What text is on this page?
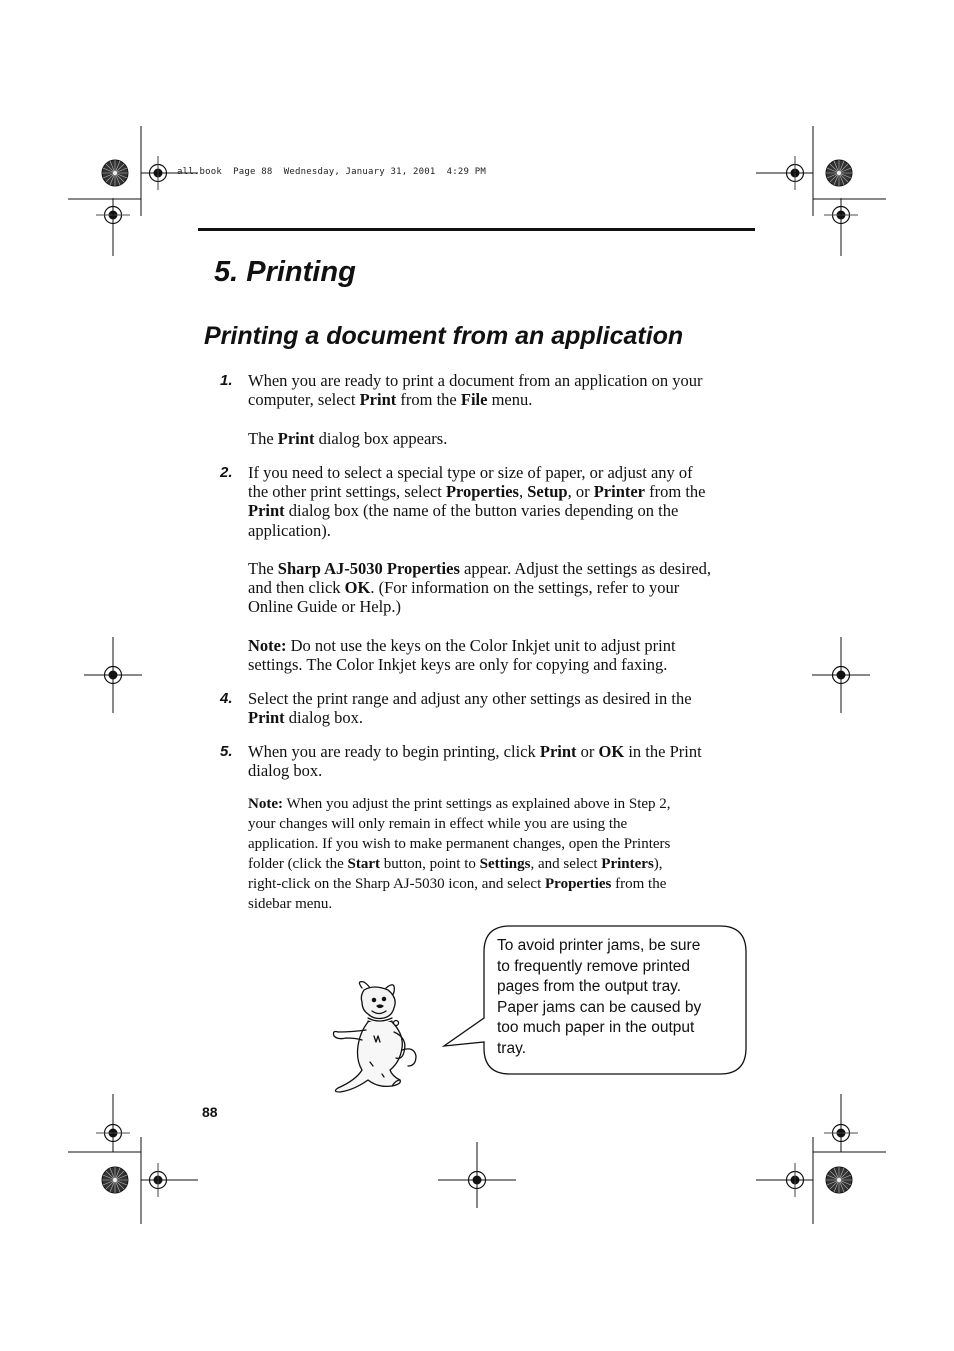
all.book  Page 88  Wednesday, January 31, 2001  4:29 PM
5. Printing
Printing a document from an application
1. When you are ready to print a document from an application on your
computer, select Print from the File menu.
The Print dialog box appears.
2. If you need to select a special type or size of paper, or adjust any of
the other print settings, select Properties, Setup, or Printer from the
Print dialog box (the name of the button varies depending on the
application).
The Sharp AJ-5030 Properties appear. Adjust the settings as desired,
and then click OK. (For information on the settings, refer to your
Online Guide or Help.)
Note: Do not use the keys on the Color Inkjet unit to adjust print
settings. The Color Inkjet keys are only for copying and faxing.
4. Select the print range and adjust any other settings as desired in the
Print dialog box.
5. When you are ready to begin printing, click Print or OK in the Print
dialog box.
Note: When you adjust the print settings as explained above in Step 2,
your changes will only remain in effect while you are using the
application. If you wish to make permanent changes, open the Printers
folder (click the Start button, point to Settings, and select Printers),
right-click on the Sharp AJ-5030 icon, and select Properties from the
sidebar menu.
To avoid printer jams, be sure
to frequently remove printed
pages from the output tray.
Paper jams can be caused by
too much paper in the output
tray.
88
